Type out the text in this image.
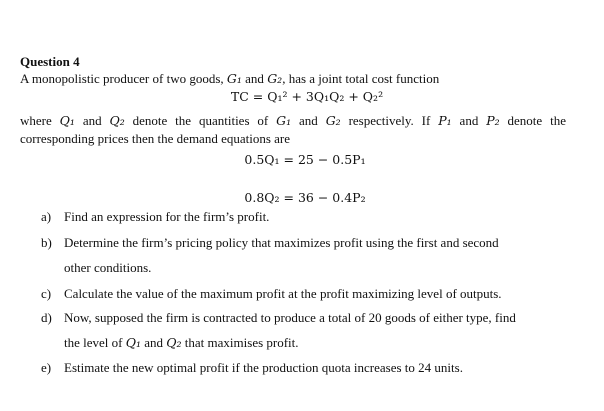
Question 4
A monopolistic producer of two goods, G₁ and G₂, has a joint total cost function
TC = Q₁² + 3Q₁Q₂ + Q₂²
where Q₁ and Q₂ denote the quantities of G₁ and G₂ respectively. If P₁ and P₂ denote the
corresponding prices then the demand equations are
0.5Q₁ = 25 − 0.5P₁
0.8Q₂ = 36 − 0.4P₂
a) Find an expression for the firm’s profit.
b) Determine the firm’s pricing policy that maximizes profit using the first and second
other conditions.
c) Calculate the value of the maximum profit at the profit maximizing level of outputs.
d) Now, supposed the firm is contracted to produce a total of 20 goods of either type, find
the level of Q₁ and Q₂ that maximises profit.
e) Estimate the new optimal profit if the production quota increases to 24 units.
